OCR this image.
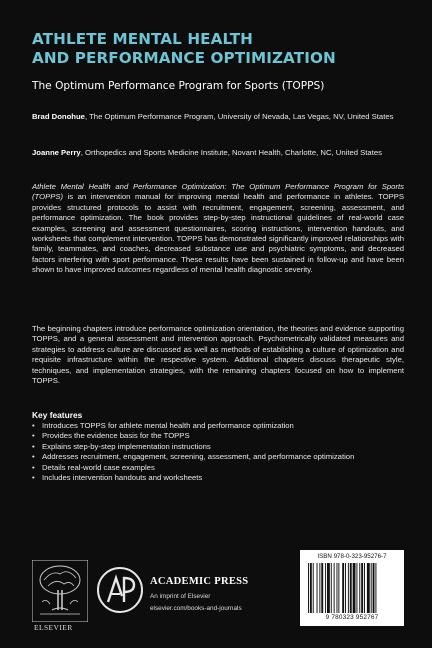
ATHLETE MENTAL HEALTH
AND PERFORMANCE OPTIMIZATION
The Optimum Performance Program for Sports (TOPPS)
Brad Donohue, The Optimum Performance Program, University of Nevada, Las Vegas, NV, United States
Joanne Perry, Orthopedics and Sports Medicine Institute, Novant Health, Charlotte, NC, United States
Athlete Mental Health and Performance Optimization: The Optimum Performance Program for Sports (TOPPS) is an intervention manual for improving mental health and performance in athletes. TOPPS provides structured protocols to assist with recruitment, engagement, screening, assessment, and performance optimization. The book provides step-by-step instructional guidelines of real-world case examples, screening and assessment questionnaires, scoring instructions, intervention handouts, and worksheets that complement intervention. TOPPS has demonstrated significantly improved relationships with family, teammates, and coaches, decreased substance use and psychiatric symptoms, and decreased factors interfering with sport performance. These results have been sustained in follow-up and have been shown to have improved outcomes regardless of mental health diagnostic severity.
The beginning chapters introduce performance optimization orientation, the theories and evidence supporting TOPPS, and a general assessment and intervention approach. Psychometrically validated measures and strategies to address culture are discussed as well as methods of establishing a culture of optimization and requisite infrastructure within the respective system. Additional chapters discuss therapeutic style, techniques, and implementation strategies, with the remaining chapters focused on how to implement TOPPS.
Key features
• Introduces TOPPS for athlete mental health and performance optimization
• Provides the evidence basis for the TOPPS
• Explains step-by-step implementation instructions
• Addresses recruitment, engagement, screening, assessment, and performance optimization
• Details real-world case examples
• Includes intervention handouts and worksheets
ELSEVIER
ACADEMIC PRESS
An imprint of Elsevier
elsevier.com/books-and-journals
ISBN 978-0-323-95276-7
9 780323 952767
